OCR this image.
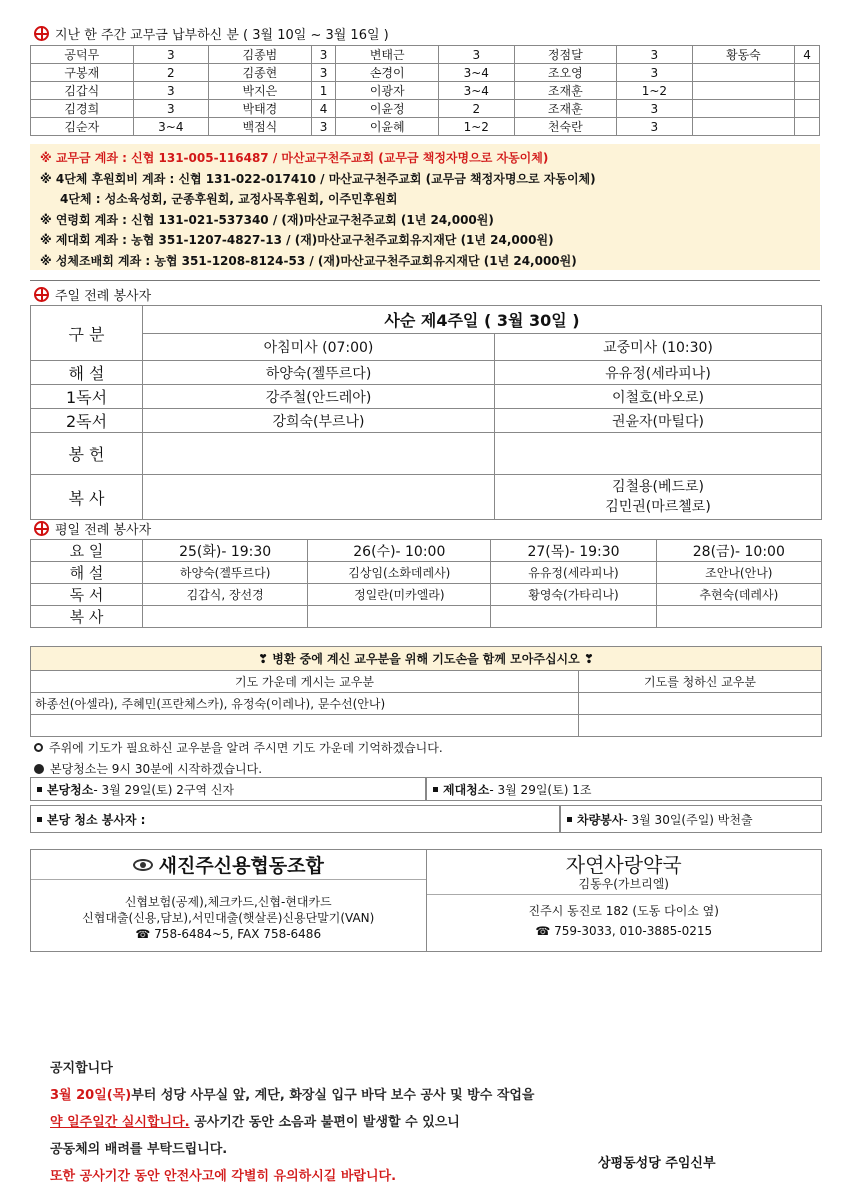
지난 한 주간 교무금 납부하신 분 ( 3월 10일 ~ 3월 16일 )
공덕무	3	김종범	3	변태근	3	정점달	3	황동숙	4
구봉재	2	김종현	3	손경이	3~4	조오영	3		
김갑식	3	박지은	1	이광자	3~4	조재훈	1~2		
김경희	3	박태경	4	이윤정	2	조재훈	3		
김순자	3~4	백점식	3	이윤혜	1~2	천숙란	3		
※ 교무금 계좌 : 신협 131-005-116487 / 마산교구천주교회 (교무금 책정자명으로 자동이체)
※ 4단체 후원회비 계좌 : 신협 131-022-017410 / 마산교구천주교회 (교무금 책정자명으로 자동이체)
4단체 : 성소육성회, 군종후원회, 교정사목후원회, 이주민후원회
※ 연령회 계좌 : 신협 131-021-537340 / (재)마산교구천주교회 (1년 24,000원)
※ 제대회 계좌 : 농협 351-1207-4827-13 / (재)마산교구천주교회유지재단 (1년 24,000원)
※ 성체조배회 계좌 : 농협 351-1208-8124-53 / (재)마산교구천주교회유지재단 (1년 24,000원)
주일 전례 봉사자
구 분	사순 제4주일 ( 3월 30일 )	
	아침미사 (07:00)	교중미사 (10:30)
해 설	하양숙(젤뚜르다)	유유정(세라피나)
1독서	강주철(안드레아)	이철호(바오로)
2독서	강희숙(부르나)	권윤자(마틸다)
봉 헌		
복 사		김철용(베드로)
김민권(마르첼로)
평일 전례 봉사자
요 일	25(화)- 19:30	26(수)- 10:00	27(목)- 19:30	28(금)- 10:00
해 설	하양숙(젤뚜르다)	김상임(소화데레사)	유유정(세라피나)	조안나(안나)
독 서	김갑식, 장선경	정일란(미카엘라)	황영숙(가타리나)	추현숙(데레사)
복 사				
❣ 병환 중에 계신 교우분을 위해 기도손을 함께 모아주십시오 ❣	
기도 가운데 게시는 교우분	기도를 청하신 교우분
하종선(아셀라), 주혜민(프란체스카), 유정숙(이레나), 문수선(안나)	

주위에 기도가 필요하신 교우분을 알려 주시면 기도 가운데 기억하겠습니다.
본당청소는 9시 30분에 시작하겠습니다.
본당청소 - 3월 29일(토) 2구역 신자	제대청소 - 3월 29일(토) 1조
본당 청소 봉사자 :	차량봉사 - 3월 30일(주일) 박천출
새진주신용협동조합
신협보험(공제),체크카드,신협-현대카드
신협대출(신용,담보),서민대출(햇살론)신용단말기(VAN)
☎ 758-6484~5, FAX 758-6486
자연사랑약국
김동우(가브리엘)
진주시 동진로 182 (도동 다이소 옆)
☎ 759-3033, 010-3885-0215
공지합니다
3월 20일(목)부터 성당 사무실 앞, 계단, 화장실 입구 바닥 보수 공사 및 방수 작업을
약 일주일간 실시합니다. 공사기간 동안 소음과 불편이 발생할 수 있으니
공동체의 배려를 부탁드립니다.
또한 공사기간 동안 안전사고에 각별히 유의하시길 바랍니다.
상평동성당 주임신부
